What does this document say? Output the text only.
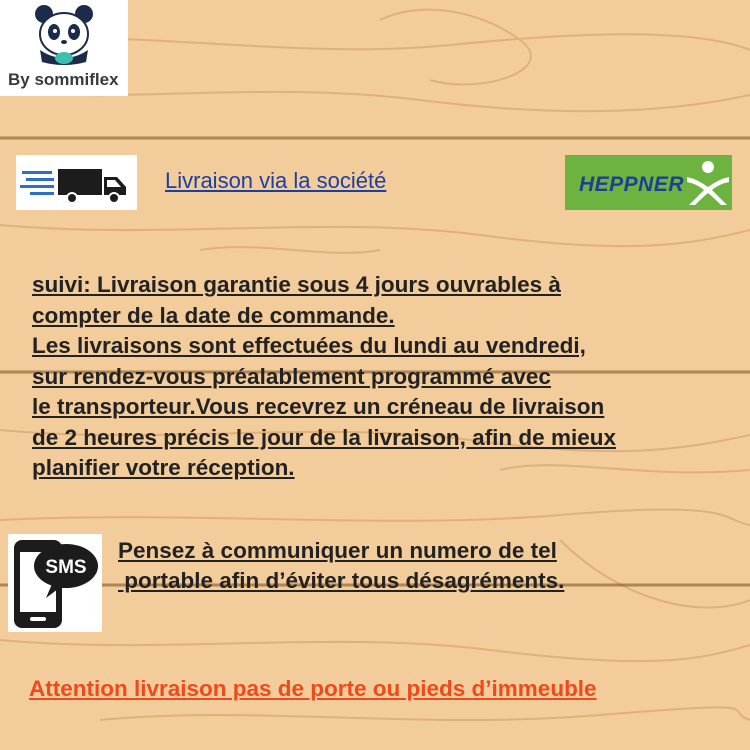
By sommiflex
Livraison via la société	HEPPNER
suivi: Livraison garantie sous 4 jours ouvrables à
compter de la date de commande.
Les livraisons sont effectuées du lundi au vendredi,
sur rendez-vous préalablement programmé avec
le transporteur.Vous recevrez un créneau de livraison
de 2 heures précis le jour de la livraison, afin de mieux
planifier votre réception.
SMS
Pensez à communiquer un numero de tel
portable afin d’éviter tous désagréments.
Attention livraison pas de porte ou pieds d’immeuble
